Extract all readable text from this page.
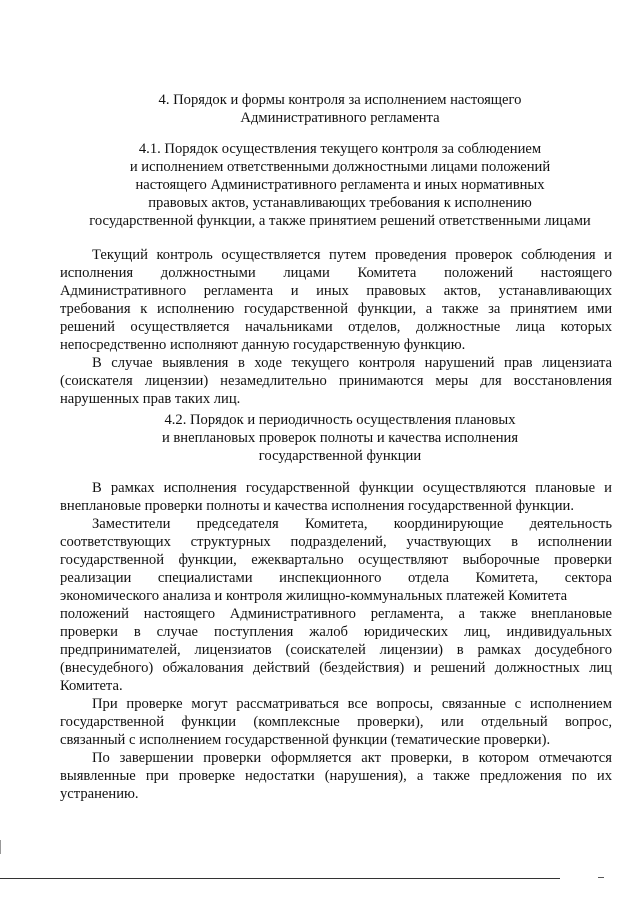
4. Порядок и формы контроля за исполнением настоящего
Административного регламента
4.1. Порядок осуществления текущего контроля за соблюдением
и исполнением ответственными должностными лицами положений
настоящего Административного регламента и иных нормативных
правовых актов, устанавливающих требования к исполнению
государственной функции, а также принятием решений ответственными лицами
Текущий контроль осуществляется путем проведения проверок соблюдения и
исполнения должностными лицами Комитета положений настоящего
Административного регламента и иных правовых актов, устанавливающих
требования к исполнению государственной функции, а также за принятием ими
решений осуществляется начальниками отделов, должностные лица которых
непосредственно исполняют данную государственную функцию.
В случае выявления в ходе текущего контроля нарушений прав лицензиата
(соискателя лицензии) незамедлительно принимаются меры для восстановления
нарушенных прав таких лиц.
4.2. Порядок и периодичность осуществления плановых
и внеплановых проверок полноты и качества исполнения
государственной функции
В рамках исполнения государственной функции осуществляются плановые и
внеплановые проверки полноты и качества исполнения государственной функции.
Заместители председателя Комитета, координирующие деятельность
соответствующих структурных подразделений, участвующих в исполнении
государственной функции, ежеквартально осуществляют выборочные проверки
реализации специалистами инспекционного отдела Комитета, сектора
экономического анализа и контроля жилищно-коммунальных платежей Комитета
положений настоящего Административного регламента, а также внеплановые
проверки в случае поступления жалоб юридических лиц, индивидуальных
предпринимателей, лицензиатов (соискателей лицензии) в рамках досудебного
(внесудебного) обжалования действий (бездействия) и решений должностных лиц
Комитета.
При проверке могут рассматриваться все вопросы, связанные с исполнением
государственной функции (комплексные проверки), или отдельный вопрос,
связанный с исполнением государственной функции (тематические проверки).
По завершении проверки оформляется акт проверки, в котором отмечаются
выявленные при проверке недостатки (нарушения), а также предложения по их
устранению.
